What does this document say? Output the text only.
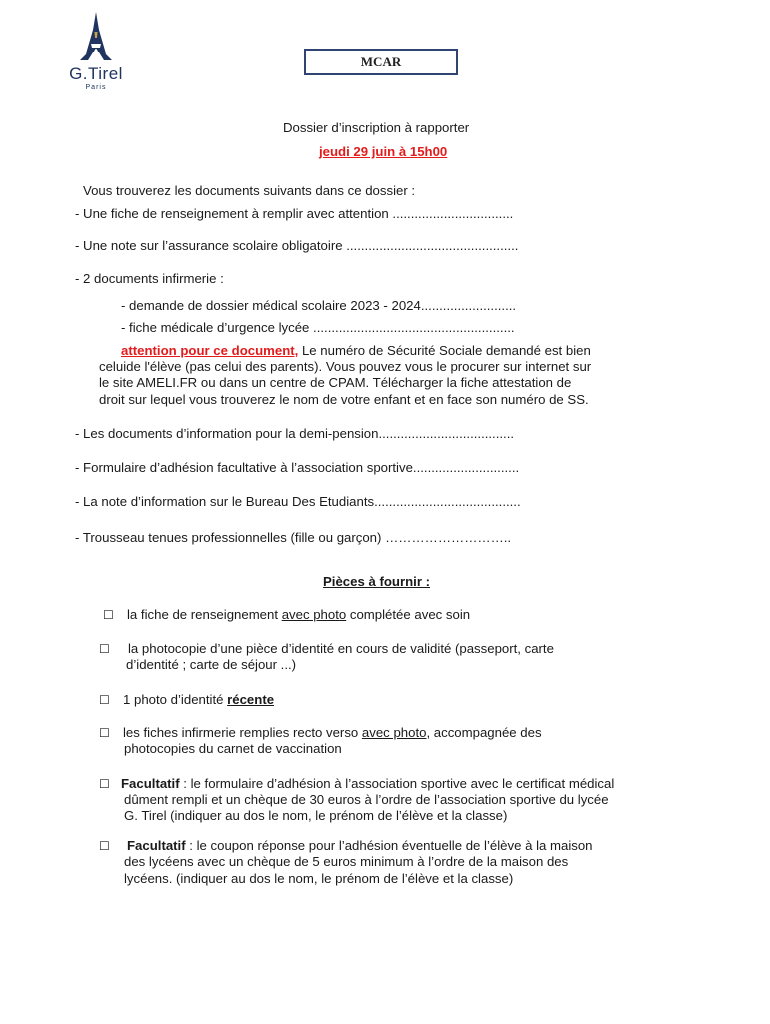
G.Tirel
Paris
MCAR
Dossier d’inscription à rapporter
jeudi 29 juin à 15h00
Vous trouverez les documents suivants dans ce dossier :
- Une fiche de renseignement à remplir avec attention .................................
- Une note sur l’assurance scolaire obligatoire ...............................................
- 2 documents infirmerie :
- demande de dossier médical scolaire 2023 - 2024..........................
- fiche médicale d’urgence lycée .......................................................
attention pour ce document, Le numéro de Sécurité Sociale demandé est bien
celuide l'élève (pas celui des parents). Vous pouvez vous le procurer sur internet sur
le site AMELI.FR ou dans un centre de CPAM. Télécharger la fiche attestation de
droit sur lequel vous trouverez le nom de votre enfant et en face son numéro de SS.
- Les documents d’information pour la demi-pension.....................................
- Formulaire d’adhésion facultative à l’association sportive.............................
- La note d’information sur le Bureau Des Etudiants........................................
- Trousseau tenues professionnelles (fille ou garçon) ………………………..
Pièces à fournir :
☐ la fiche de renseignement avec photo complétée avec soin
☐ la photocopie d’une pièce d’identité en cours de validité (passeport, carte
d’identité ; carte de séjour ...)
☐ 1 photo d’identité récente
☐ les fiches infirmerie remplies recto verso avec photo, accompagnée des
photocopies du carnet de vaccination
☐ Facultatif : le formulaire d’adhésion à l’association sportive avec le certificat médical
dûment rempli et un chèque de 30 euros à l’ordre de l’association sportive du lycée
G. Tirel (indiquer au dos le nom, le prénom de l’élève et la classe)
☐ Facultatif : le coupon réponse pour l’adhésion éventuelle de l’élève à la maison
des lycéens avec un chèque de 5 euros minimum à l’ordre de la maison des
lycéens. (indiquer au dos le nom, le prénom de l’élève et la classe)
